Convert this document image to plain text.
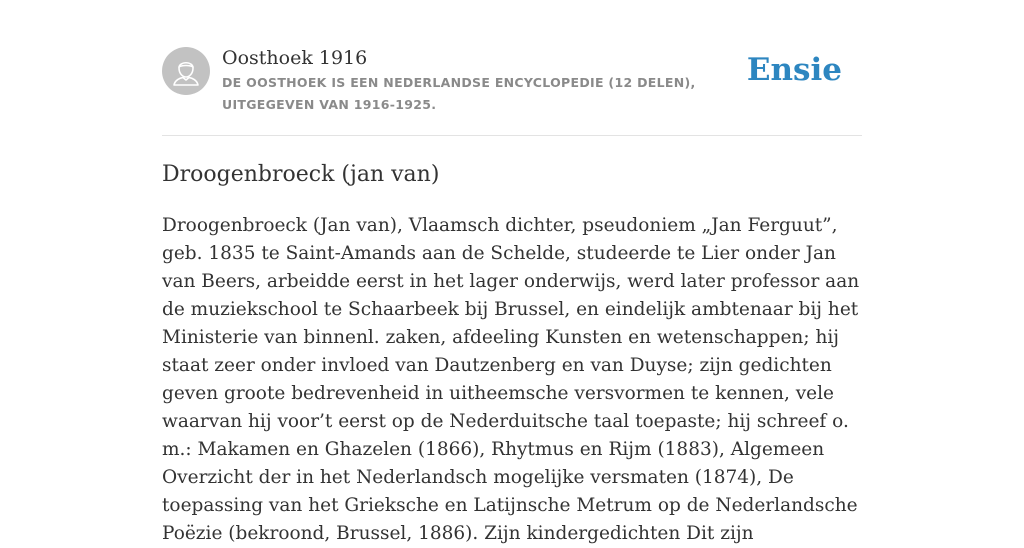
Oosthoek 1916
DE OOSTHOEK IS EEN NEDERLANDSE ENCYCLOPEDIE (12 DELEN), UITGEGEVEN VAN 1916-1925.
Ensie
Droogenbroeck (jan van)

Droogenbroeck (Jan van), Vlaamsch dichter, pseudoniem „Jan Ferguut”, geb. 1835 te Saint-Amands aan de Schelde, studeerde te Lier onder Jan van Beers, arbeidde eerst in het lager onderwijs, werd later professor aan de muziekschool te Schaarbeek bij Brussel, en eindelijk ambtenaar bij het Ministerie van binnenl. zaken, afdeeling Kunsten en wetenschappen; hij staat zeer onder invloed van Dautzenberg en van Duyse; zijn gedichten geven groote bedrevenheid in uitheemsche versvormen te kennen, vele waarvan hij voor’t eerst op de Nederduitsche taal toepaste; hij schreef o. m.: Makamen en Ghazelen (1866), Rhytmus en Rijm (1883), Algemeen Overzicht der in het Nederlandsch mogelijke versmaten (1874), De toepassing van het Grieksche en Latijnsche Metrum op de Nederlandsche Poëzie (bekroond, Brussel, 1886). Zijn kindergedichten Dit zijn
